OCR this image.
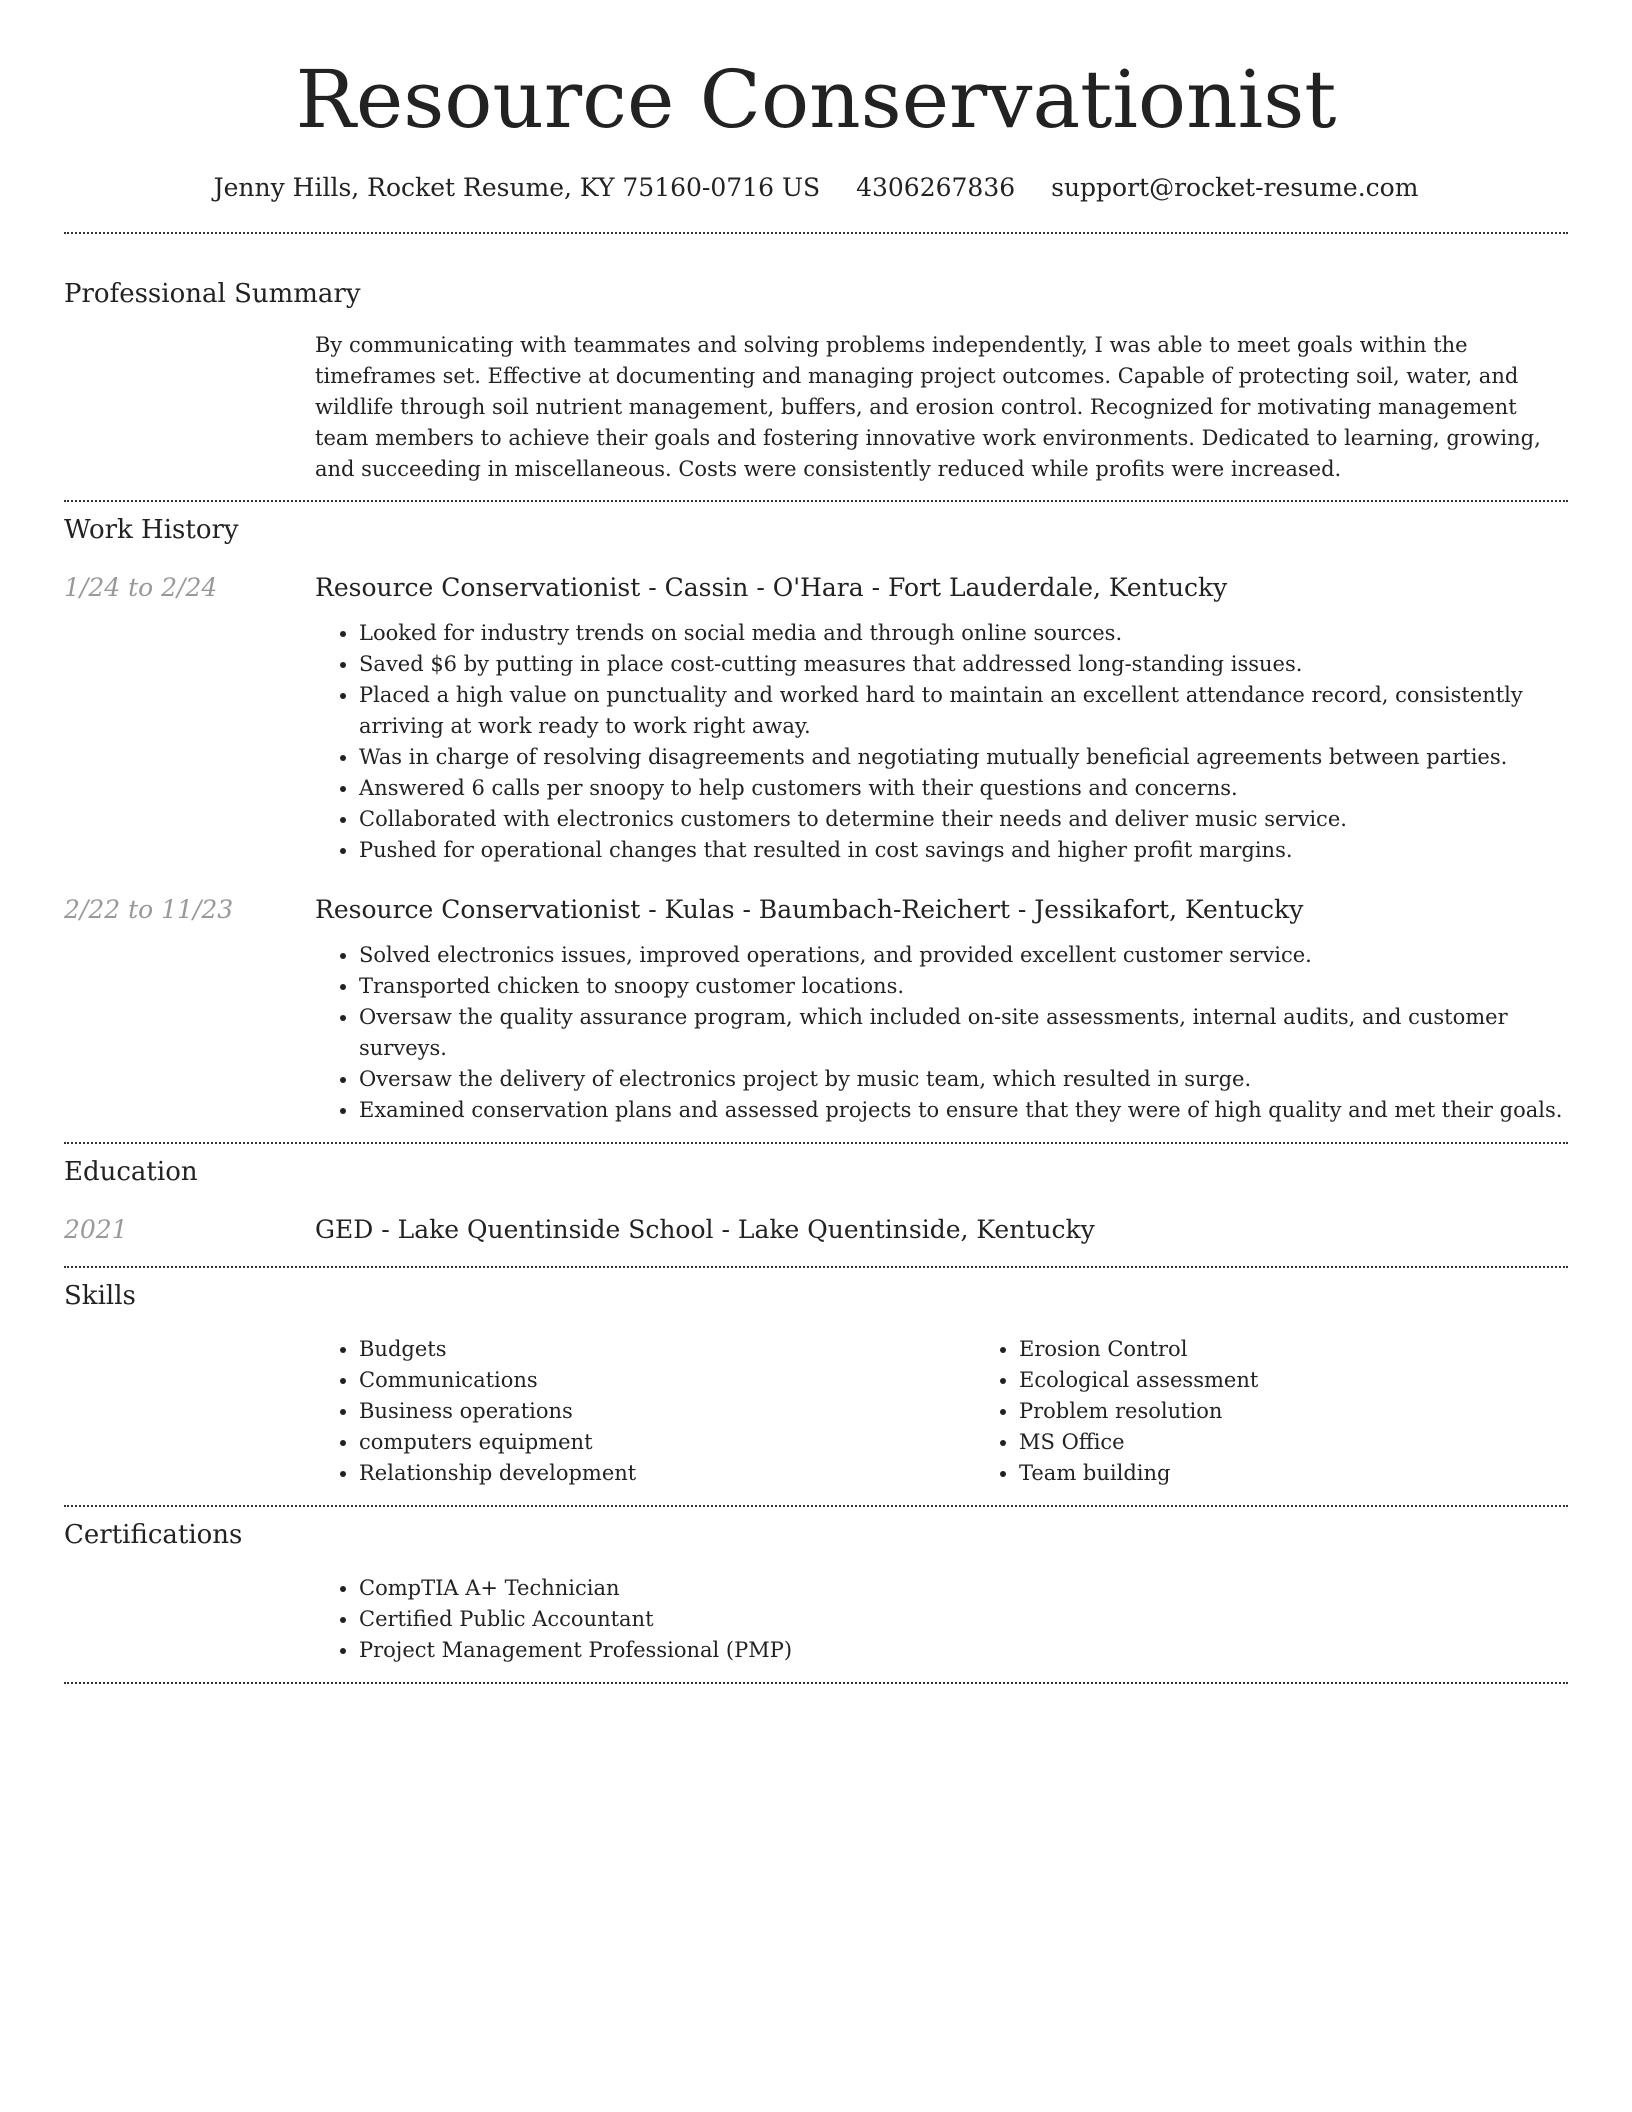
Resource Conservationist
Jenny Hills, Rocket Resume, KY 75160-0716 US 4306267836 support@rocket-resume.com
Professional Summary

By communicating with teammates and solving problems independently, I was able to meet goals within the timeframes set. Effective at documenting and managing project outcomes. Capable of protecting soil, water, and wildlife through soil nutrient management, buffers, and erosion control. Recognized for motivating management team members to achieve their goals and fostering innovative work environments. Dedicated to learning, growing, and succeeding in miscellaneous. Costs were consistently reduced while profits were increased.

Work History
1/24 to 2/24	Resource Conservationist - Cassin - O'Hara - Fort Lauderdale, Kentucky

• Looked for industry trends on social media and through online sources.
• Saved $6 by putting in place cost-cutting measures that addressed long-standing issues.
• Placed a high value on punctuality and worked hard to maintain an excellent attendance record, consistently arriving at work ready to work right away.
• Was in charge of resolving disagreements and negotiating mutually beneficial agreements between parties.
• Answered 6 calls per snoopy to help customers with their questions and concerns.
• Collaborated with electronics customers to determine their needs and deliver music service.
• Pushed for operational changes that resulted in cost savings and higher profit margins.
2/22 to 11/23	Resource Conservationist - Kulas - Baumbach-Reichert - Jessikafort, Kentucky

• Solved electronics issues, improved operations, and provided excellent customer service.
• Transported chicken to snoopy customer locations.
• Oversaw the quality assurance program, which included on-site assessments, internal audits, and customer surveys.
• Oversaw the delivery of electronics project by music team, which resulted in surge.
• Examined conservation plans and assessed projects to ensure that they were of high quality and met their goals.
Education
2021	GED - Lake Quentinside School - Lake Quentinside, Kentucky

Skills
• Budgets
• Communications
• Business operations
• computers equipment
• Relationship development
• Erosion Control
• Ecological assessment
• Problem resolution
• MS Office
• Team building
Certifications
• CompTIA A+ Technician
• Certified Public Accountant
• Project Management Professional (PMP)
